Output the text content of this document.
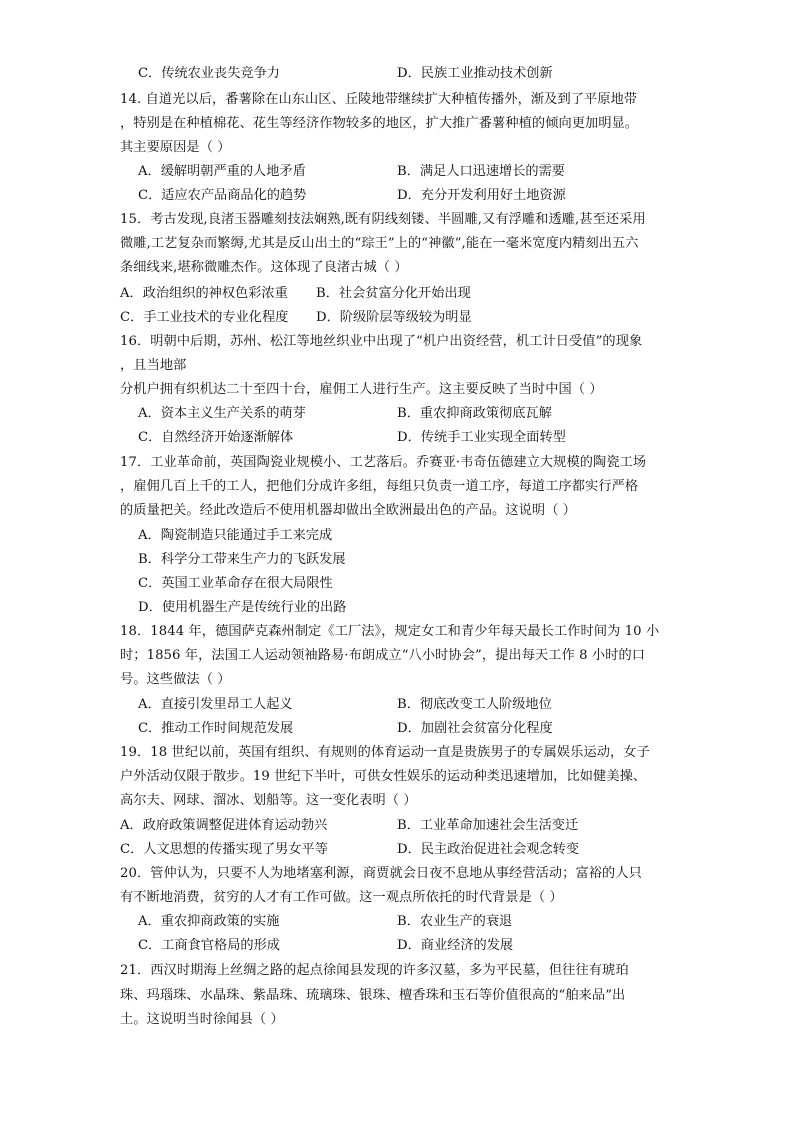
C．传统农业丧失竞争力	D．民族工业推动技术创新
14. 自道光以后，番薯除在山东山区、丘陵地带继续扩大种植传播外，渐及到了平原地带
，特别是在种植棉花、花生等经济作物较多的地区，扩大推广番薯种植的倾向更加明显。
其主要原因是（ ）
A．缓解明朝严重的人地矛盾	B．满足人口迅速增长的需要
C．适应农产品商品化的趋势	D．充分开发利用好土地资源
15．考古发现,良渚玉器雕刻技法娴熟,既有阴线刻镂、半圆雕,又有浮雕和透雕,甚至还采用
微雕,工艺复杂而繁缛,尤其是反山出土的“琮王”上的“神徽”,能在一毫米宽度内精刻出五六
条细线来,堪称微雕杰作。这体现了良渚古城（ ）
A．政治组织的神权色彩浓重 B．社会贫富分化开始出现
C．手工业技术的专业化程度 D．阶级阶层等级较为明显
16．明朝中后期，苏州、松江等地丝织业中出现了“机户出资经营，机工计日受值”的现象
，且当地部
分机户拥有织机达二十至四十台，雇佣工人进行生产。这主要反映了当时中国（ ）
A．资本主义生产关系的萌芽	B．重农抑商政策彻底瓦解
C．自然经济开始逐渐解体	D．传统手工业实现全面转型
17．工业革命前，英国陶瓷业规模小、工艺落后。乔赛亚·韦奇伍德建立大规模的陶瓷工场
，雇佣几百上千的工人，把他们分成许多组，每组只负责一道工序，每道工序都实行严格
的质量把关。经此改造后不使用机器却做出全欧洲最出色的产品。这说明（ ）
A．陶瓷制造只能通过手工来完成
B．科学分工带来生产力的飞跃发展
C．英国工业革命存在很大局限性
D．使用机器生产是传统行业的出路
18．1844 年，德国萨克森州制定《工厂法》，规定女工和青少年每天最长工作时间为 10 小
时；1856 年，法国工人运动领袖路易·布朗成立“八小时协会”，提出每天工作 8 小时的口
号。这些做法（ ）
A．直接引发里昂工人起义	B．彻底改变工人阶级地位
C．推动工作时间规范发展	D．加剧社会贫富分化程度
19．18 世纪以前，英国有组织、有规则的体育运动一直是贵族男子的专属娱乐运动，女子
户外活动仅限于散步。19 世纪下半叶，可供女性娱乐的运动种类迅速增加，比如健美操、
高尔夫、网球、溜冰、划船等。这一变化表明（ ）
A．政府政策调整促进体育运动勃兴	B．工业革命加速社会生活变迁
C．人文思想的传播实现了男女平等	D．民主政治促进社会观念转变
20．管仲认为，只要不人为地堵塞利源，商贾就会日夜不息地从事经营活动；富裕的人只
有不断地消费，贫穷的人才有工作可做。这一观点所依托的时代背景是（ ）
A．重农抑商政策的实施	B．农业生产的衰退
C．工商食官格局的形成	D．商业经济的发展
21．西汉时期海上丝绸之路的起点徐闻县发现的许多汉墓，多为平民墓，但往往有琥珀
珠、玛瑙珠、水晶珠、紫晶珠、琉璃珠、银珠、檀香珠和玉石等价值很高的“舶来品”出
土。这说明当时徐闻县（ ）
